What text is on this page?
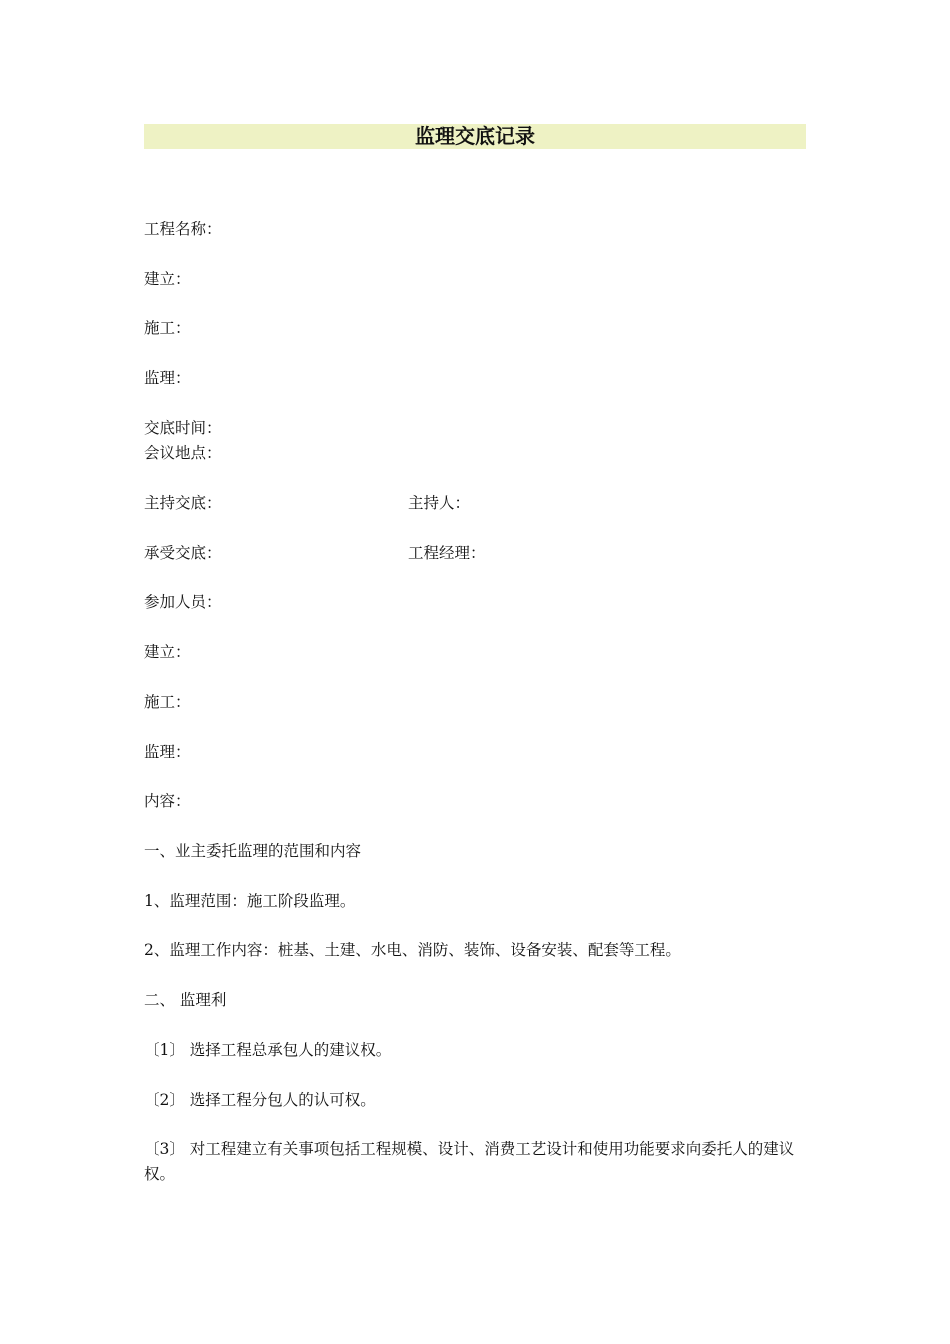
监理交底记录
工程名称：
建立：
施工：
监理：
交底时间：
会议地点：
主持交底：	主持人：
承受交底：	工程经理：
参加人员：
建立：
施工：
监理：
内容：
一、业主委托监理的范围和内容
1、监理范围：施工阶段监理。
2、监理工作内容：桩基、土建、水电、消防、装饰、设备安装、配套等工程。
二、 监理利
〔1〕 选择工程总承包人的建议权。
〔2〕 选择工程分包人的认可权。
〔3〕 对工程建立有关事项包括工程规模、设计、消费工艺设计和使用功能要求向委托人的建议权。
